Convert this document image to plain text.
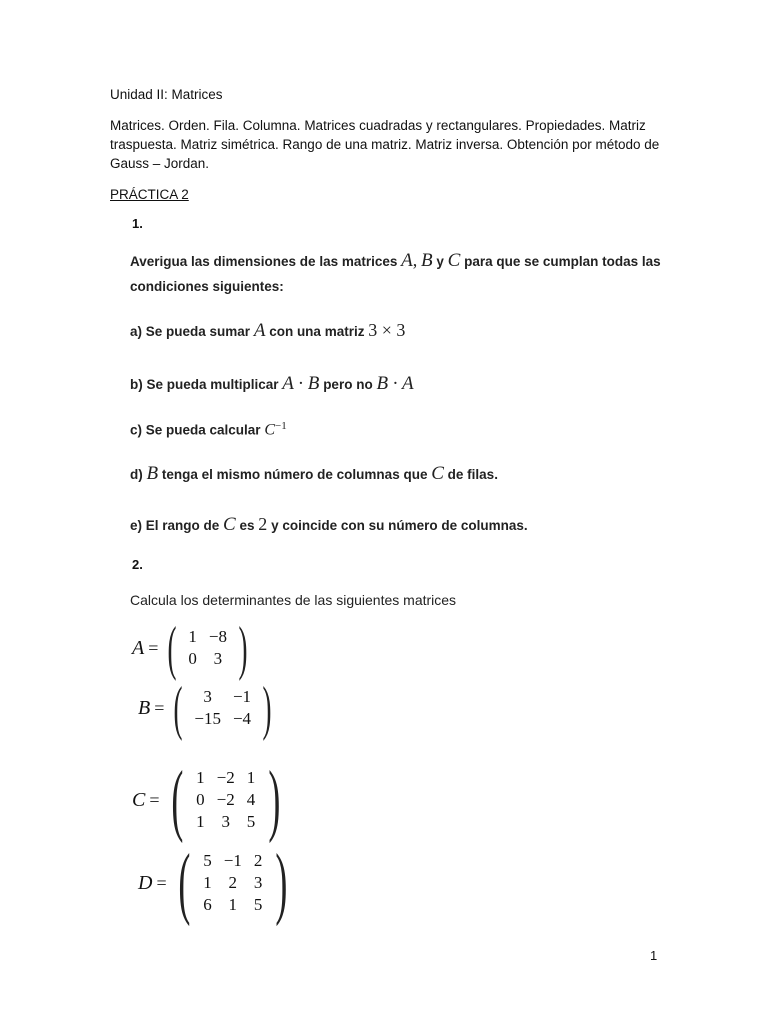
Unidad II: Matrices
Matrices. Orden. Fila. Columna. Matrices cuadradas y rectangulares. Propiedades. Matriz traspuesta. Matriz simétrica. Rango de una matriz. Matriz inversa. Obtención por método de Gauss – Jordan.
PRÁCTICA 2
1.
Averigua las dimensiones de las matrices A, B y C para que se cumplan todas las
condiciones siguientes:
a) Se pueda sumar A con una matriz 3 × 3
b) Se pueda multiplicar A · B pero no B · A
c) Se pueda calcular $C^{-1}$
d) B tenga el mismo número de columnas que C de filas.
e) El rango de C es 2 y coincide con su número de columnas.
2.
Calcula los determinantes de las siguientes matrices
A = ( 1	−8
0	3 )
B = ( 3	−1
−15	−4 )
C = ( 1	−2	1
0	−2	4
1	3	5 )
D = ( 5	−1	2
1	2	3
6	1	5 )
1
